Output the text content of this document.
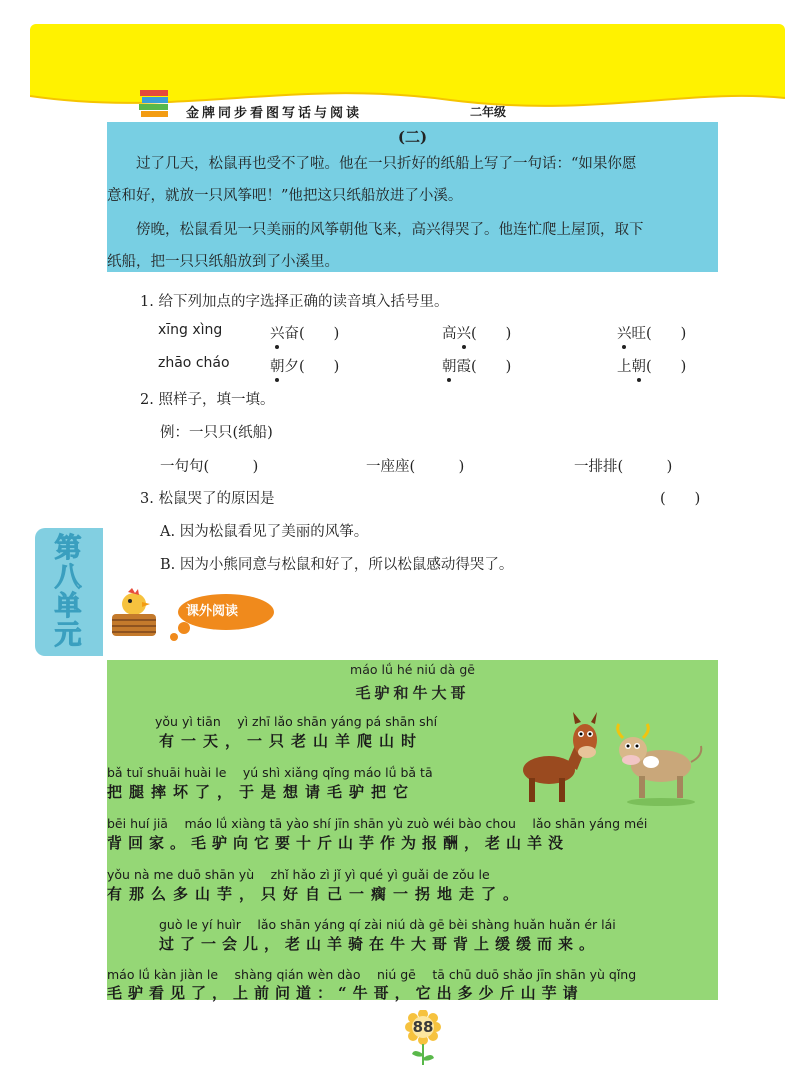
金牌同步看图写话与阅读	二年级
(二)
　　过了几天，松鼠再也受不了啦。他在一只折好的纸船上写了一句话：“如果你愿
意和好，就放一只风筝吧！”他把这只纸船放进了小溪。
　　傍晚，松鼠看见一只美丽的风筝朝他飞来，高兴得哭了。他连忙爬上屋顶，取下
纸船，把一只只纸船放到了小溪里。
1. 给下列加点的字选择正确的读音填入括号里。
xīng xìng	兴奋(　　)	高兴(　　)	兴旺(　　)
zhāo cháo	朝夕(　　)	朝霞(　　)	上朝(　　)
2. 照样子，填一填。
例：一只只(纸船)
一句句(　　　)	一座座(　　　)	一排排(　　　)
3. 松鼠哭了的原因是	(　　)
A. 因为松鼠看见了美丽的风筝。
B. 因为小熊同意与松鼠和好了，所以松鼠感动得哭了。
第
八
单
元
课外阅读
máo lǘ hé niú dà gē
毛驴和牛大哥
yǒu yì tiān　 yì zhī lǎo shān yáng pá shān shí
有一天，一只老山羊爬山时
bǎ tuǐ shuāi huài le　 yú shì xiǎng qǐng máo lǘ bǎ tā
把腿摔坏了，于是想请毛驴把它
bēi huí jiā　 máo lǘ xiàng tā yào shí jīn shān yù zuò wéi bào chou　 lǎo shān yáng méi
背回家。毛驴向它要十斤山芋作为报酬，老山羊没
yǒu nà me duō shān yù　 zhǐ hǎo zì jǐ yì qué yì guǎi de zǒu le
有那么多山芋，只好自己一瘸一拐地走了。
guò le yí huìr　 lǎo shān yáng qí zài niú dà gē bèi shàng huǎn huǎn ér lái
过了一会儿，老山羊骑在牛大哥背上缓缓而来。
máo lǘ kàn jiàn le　 shàng qián wèn dào　 niú gē　 tā chū duō shǎo jīn shān yù qǐng
毛驴看见了，上前问道：“牛哥，它出多少斤山芋请
88
